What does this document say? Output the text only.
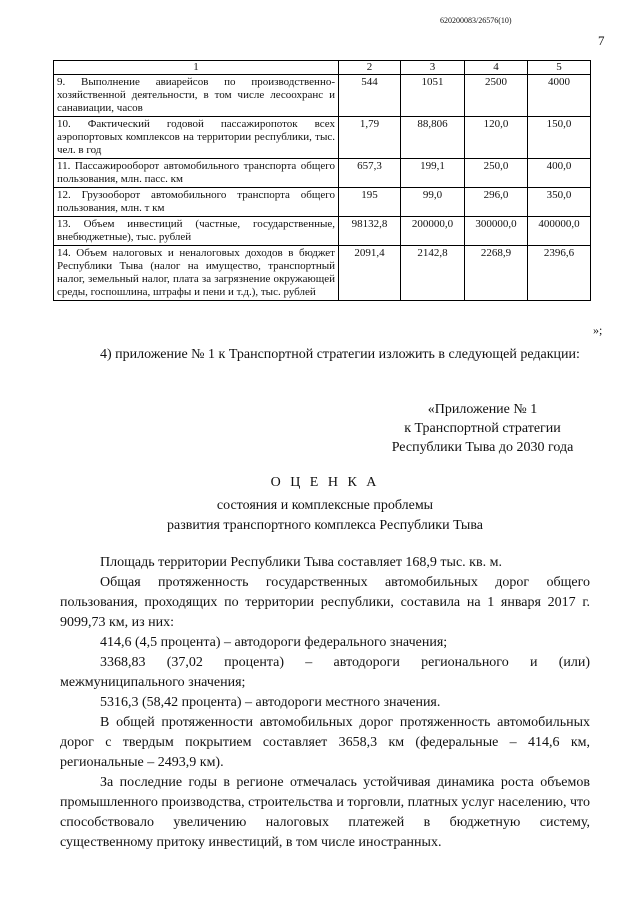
620200083/26576(10)
7
1	2	3	4	5
9. Выполнение авиарейсов по производственно-хозяйственной деятельности, в том числе лесоохранс и санавиации, часов	544	1051	2500	4000
10. Фактический годовой пассажиропоток всех аэропортовых комплексов на территории республики, тыс. чел. в год	1,79	88,806	120,0	150,0
11. Пассажирооборот автомобильного транспорта общего пользования, млн. пасс. км	657,3	199,1	250,0	400,0
12. Грузооборот автомобильного транспорта общего пользования, млн. т км	195	99,0	296,0	350,0
13. Объем инвестиций (частные, государственные, внебюджетные), тыс. рублей	98132,8	200000,0	300000,0	400000,0
14. Объем налоговых и неналоговых доходов в бюджет Республики Тыва (налог на имущество, транспортный налог, земельный налог, плата за загрязнение окружающей среды, госпошлина, штрафы и пени и т.д.), тыс. рублей	2091,4	2142,8	2268,9	2396,6
»;
4) приложение № 1 к Транспортной стратегии изложить в следующей редакции:
«Приложение № 1
к Транспортной стратегии
Республики Тыва до 2030 года
О Ц Е Н К А
состояния и комплексные проблемы
развития транспортного комплекса Республики Тыва
Площадь территории Республики Тыва составляет 168,9 тыс. кв. м.
Общая протяженность государственных автомобильных дорог общего пользования, проходящих по территории республики, составила на 1 января 2017 г. 9099,73 км, из них:
414,6 (4,5 процента) – автодороги федерального значения;
3368,83 (37,02 процента) – автодороги регионального и (или) межмуниципального значения;
5316,3 (58,42 процента) – автодороги местного значения.
В общей протяженности автомобильных дорог протяженность автомобильных дорог с твердым покрытием составляет 3658,3 км (федеральные – 414,6 км, региональные – 2493,9 км).
За последние годы в регионе отмечалась устойчивая динамика роста объемов промышленного производства, строительства и торговли, платных услуг населению, что способствовало увеличению налоговых платежей в бюджетную систему, существенному притоку инвестиций, в том числе иностранных.
